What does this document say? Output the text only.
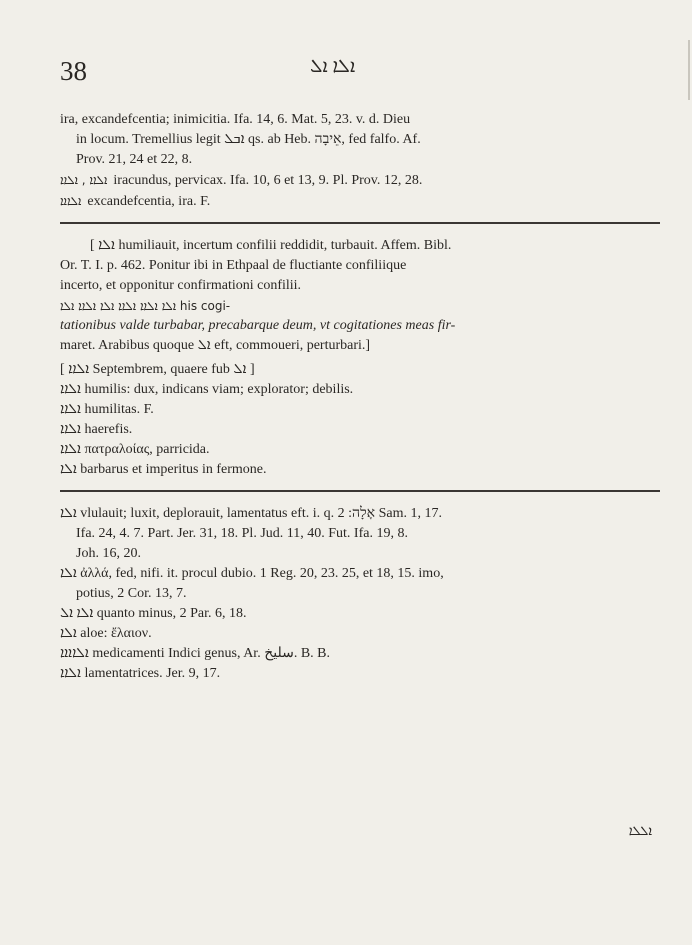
38	ܐܠܐ ܐܠ
ira, excandefcentia; inimicitia. Ifa. 14, 6. Mat. 5, 23. v. d. Dieu
in locum. Tremellius legit ܐܒܠ qs. ab Heb. אֵיבָה, fed falfo. Af.
Prov. 21, 24 et 22, 8.
ܐܠܐܐ , ܐܠܐܐ iracundus, pervicax. Ifa. 10, 6 et 13, 9. Pl. Prov. 12, 28.
ܐܠܐܐܐ excandefcentia, ira. F.
[ ܐܠܐ humiliauit, incertum confilii reddidit, turbauit. Affem. Bibl.
Or. T. I. p. 462. Ponitur ibi in Ethpaal de fluctiante confiliique
incerto, et opponitur confirmationi confilii.
ܐܠܐ ܐܠܐܐ ܐܠܐܐ ܐܠܐ ܐܠܐܐ ܐܠܐ his cogi-
tationibus valde turbabar, precabarque deum, vt cogitationes meas fir-
maret. Arabibus quoque ܐܠ eft, commoueri, perturbari.]
[ ܐܠܐܐ Septembrem, quaere fub ܐܠ ]
ܐܠܐܐ humilis: dux, indicans viam; explorator; debilis.
ܐܠܐܐ humilitas. F.
ܐܠܐܐ haerefis.
ܐܠܐܐ πατραλοίας, parricida.
ܐܠܐ barbarus et imperitus in fermone.
ܐܠܐ vlulauit; luxit, deplorauit, lamentatus eft. i. q. אָלָה: 2 Sam. 1, 17.
Ifa. 24, 4. 7. Part. Jer. 31, 18. Pl. Jud. 11, 40. Fut. Ifa. 19, 8.
Joh. 16, 20.
ܐܠܐ ἀλλά, fed, nifi. it. procul dubio. 1 Reg. 20, 23. 25, et 18, 15. imo,
potius, 2 Cor. 13, 7.
ܐܠܐ ܐܠ quanto minus, 2 Par. 6, 18.
ܐܠܐ aloe: ἔλαιον.
ܐܠܐܐܐܐ medicamenti Indici genus, Ar. سليخ. B. B.
ܐܠܐܐ lamentatrices. Jer. 9, 17.
ܐܠܠܐ
